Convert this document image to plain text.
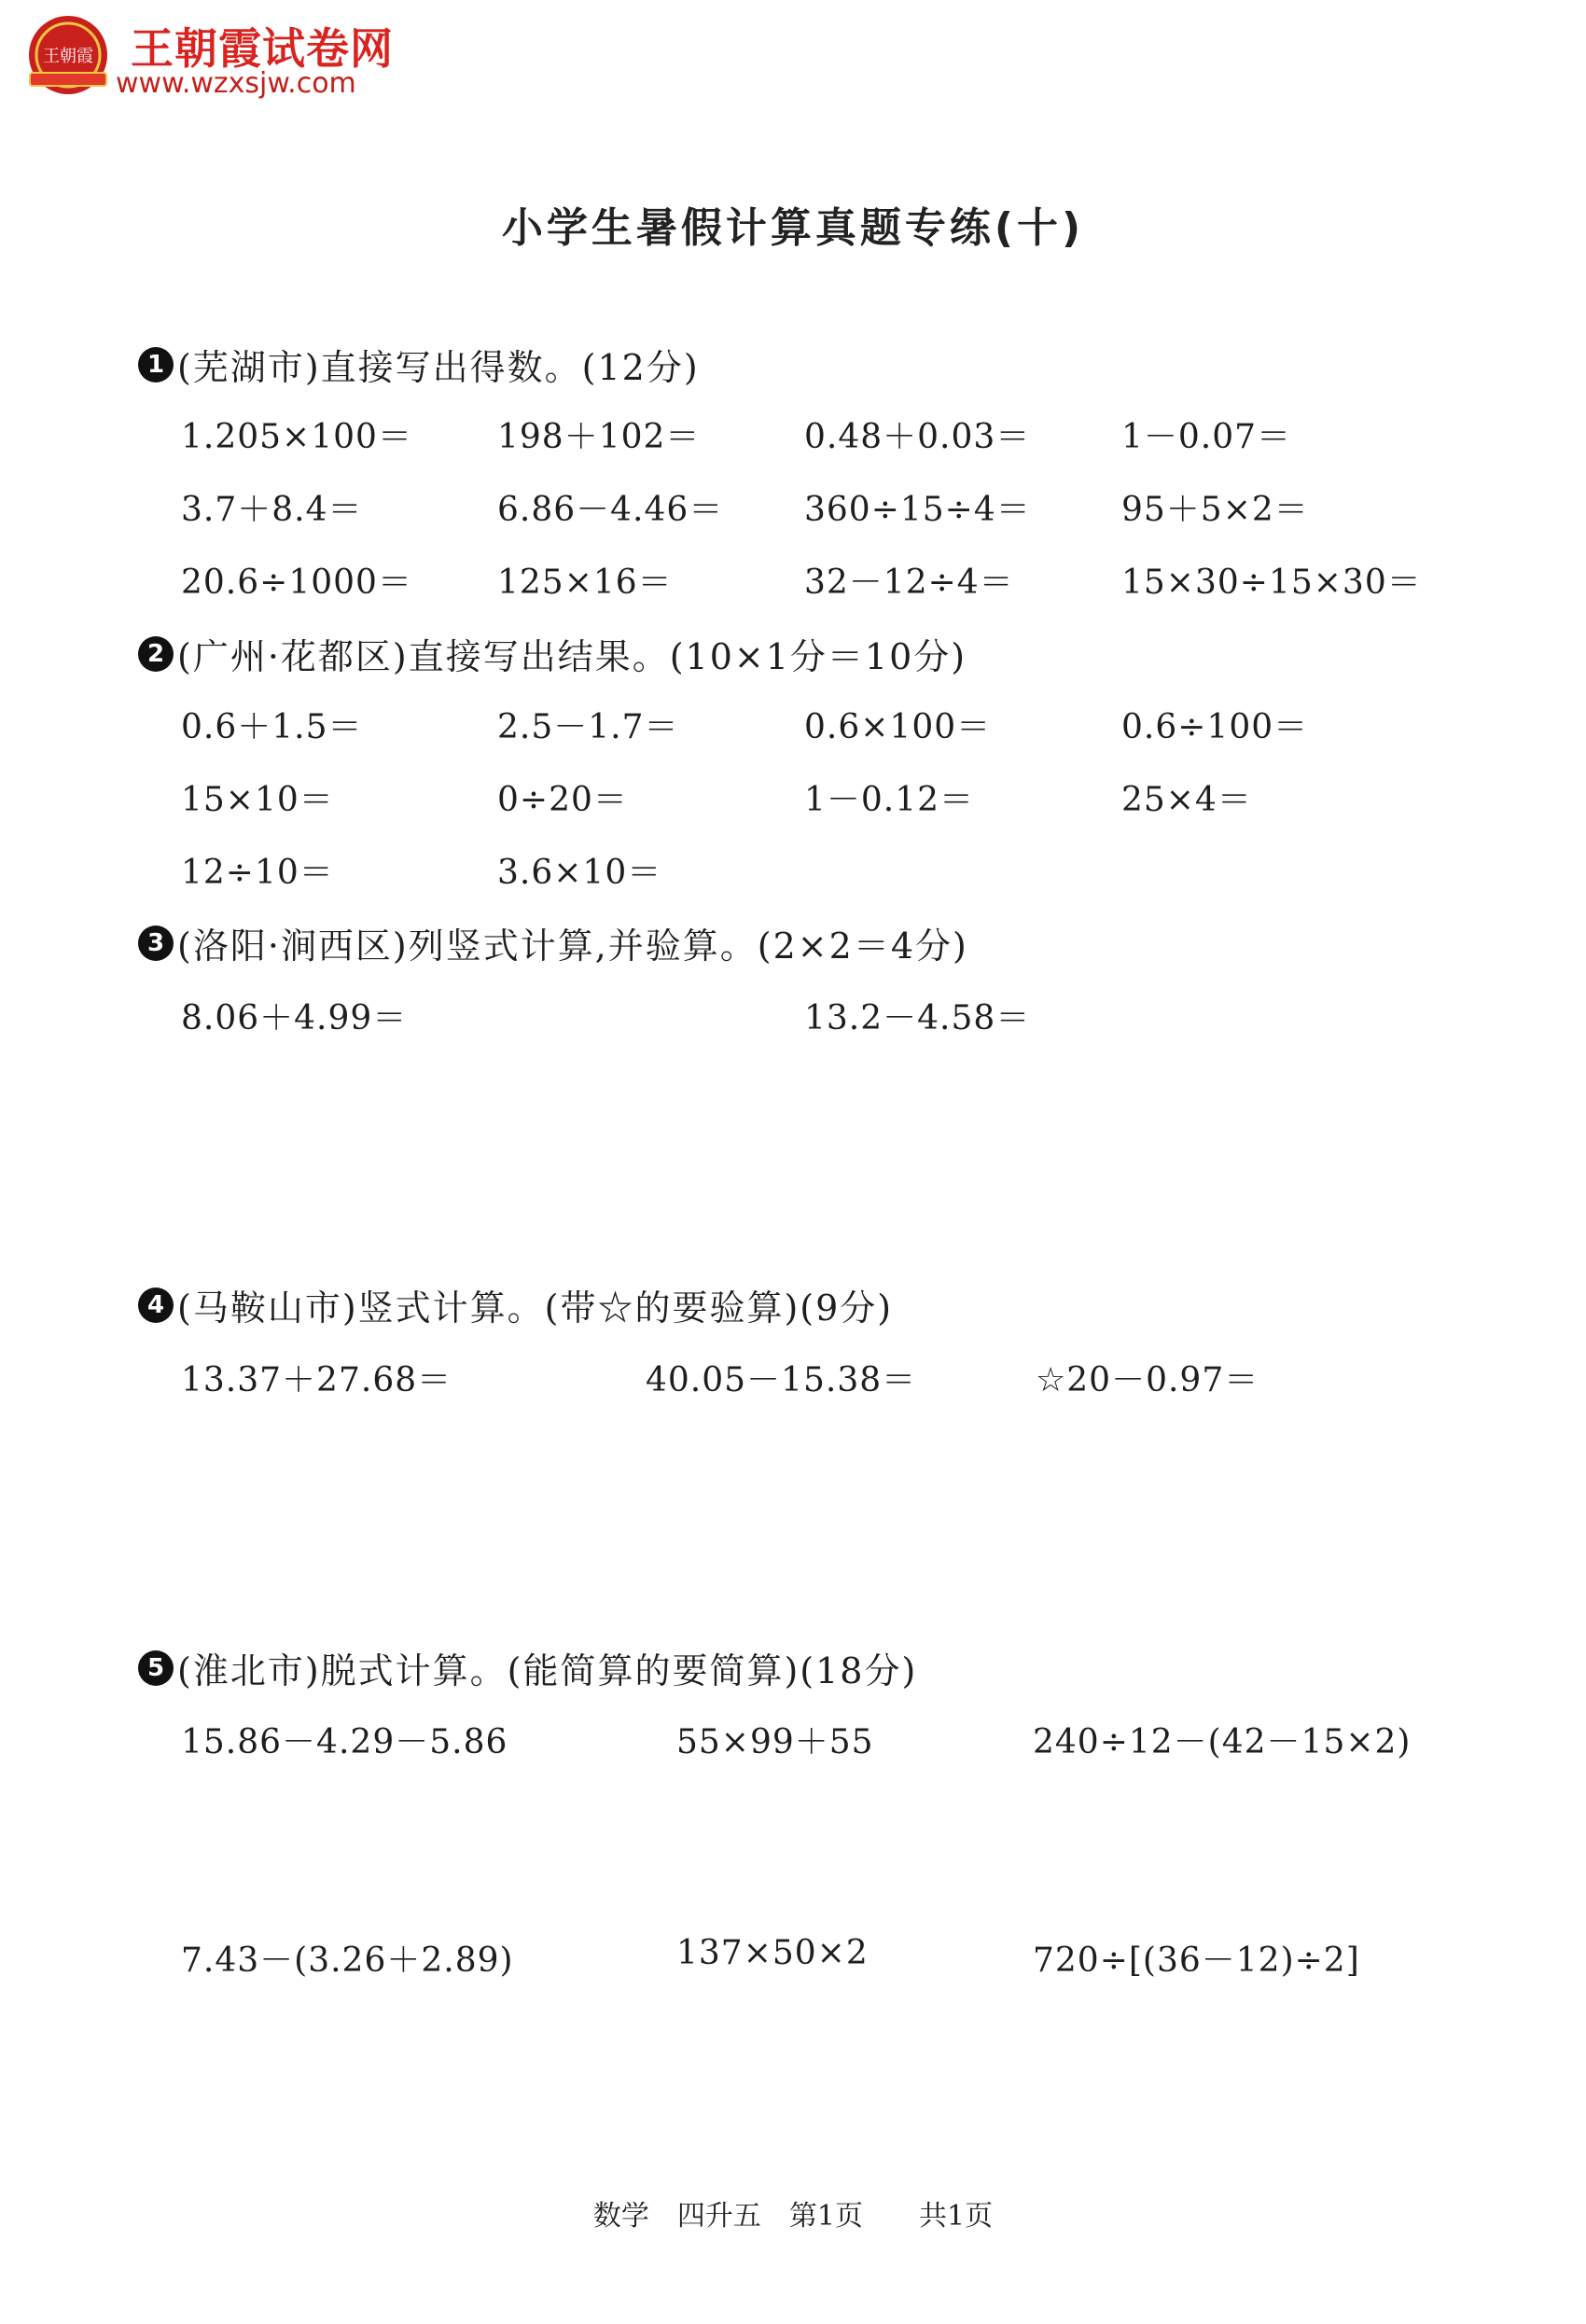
王朝霞 王朝霞试卷网
www.wzxsjw.com
小学生暑假计算真题专练(十)
1 (芜湖市)直接写出得数。(12分)
1.205×100＝	198＋102＝	0.48＋0.03＝	1－0.07＝
3.7＋8.4＝	6.86－4.46＝ 360÷15÷4＝	95＋5×2＝
20.6÷1000＝	125×16＝	32－12÷4＝	15×30÷15×30＝
2 (广州·花都区)直接写出结果。(10×1分＝10分)
0.6＋1.5＝	2.5－1.7＝	0.6×100＝	0.6÷100＝
15×10＝	0÷20＝	1－0.12＝	25×4＝
12÷10＝	3.6×10＝
3 (洛阳·涧西区)列竖式计算,并验算。(2×2＝4分)
8.06＋4.99＝	13.2－4.58＝
4 (马鞍山市)竖式计算。(带☆的要验算)(9分)
13.37＋27.68＝	40.05－15.38＝	☆20－0.97＝
5 (淮北市)脱式计算。(能简算的要简算)(18分)
15.86－4.29－5.86	55×99＋55	240÷12－(42－15×2)
7.43－(3.26＋2.89)	137×50×2	720÷[(36－12)÷2]
数学　四升五　第1页　　共1页
